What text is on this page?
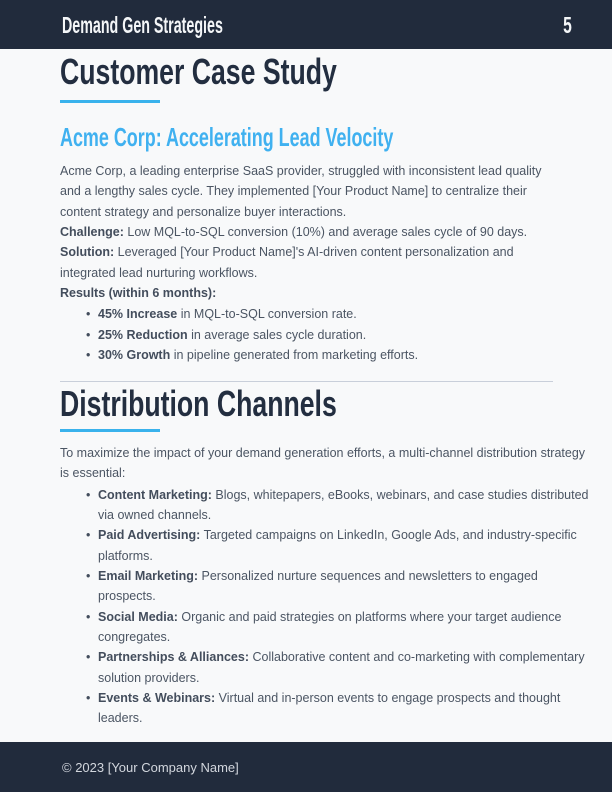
Demand Gen Strategies	5
Customer Case Study
Acme Corp: Accelerating Lead Velocity

Acme Corp, a leading enterprise SaaS provider, struggled with inconsistent lead quality and a lengthy sales cycle. They implemented [Your Product Name] to centralize their content strategy and personalize buyer interactions.

Challenge: Low MQL-to-SQL conversion (10%) and average sales cycle of 90 days.

Solution: Leveraged [Your Product Name]'s AI-driven content personalization and integrated lead nurturing workflows.

Results (within 6 months):

• 45% Increase in MQL-to-SQL conversion rate.
• 25% Reduction in average sales cycle duration.
• 30% Growth in pipeline generated from marketing efforts.
Distribution Channels

To maximize the impact of your demand generation efforts, a multi-channel distribution strategy is essential:

• Content Marketing: Blogs, whitepapers, eBooks, webinars, and case studies distributed via owned channels.
• Paid Advertising: Targeted campaigns on LinkedIn, Google Ads, and industry-specific platforms.
• Email Marketing: Personalized nurture sequences and newsletters to engaged prospects.
• Social Media: Organic and paid strategies on platforms where your target audience congregates.
• Partnerships & Alliances: Collaborative content and co-marketing with complementary solution providers.
• Events & Webinars: Virtual and in-person events to engage prospects and thought leaders.
© 2023 [Your Company Name]
